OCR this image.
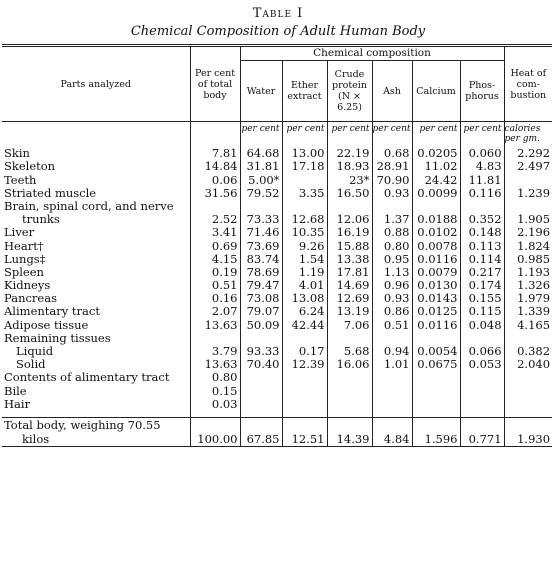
Table I
Chemical Composition of Adult Human Body
Parts analyzed	Per cent of total body	Chemical composition						Heat of com-bustion
		Water	Ether extract	Crude protein (N × 6.25)	Ash	Calcium	Phos-phorus	
		per cent	per cent	per cent	per cent	per cent	per cent	calories per gm.
Skin	7.81	64.68	13.00	22.19	0.68	0.0205	0.060	2.292
Skeleton	14.84	31.81	17.18	18.93	28.91	11.02	4.83	2.497
Teeth	0.06	5.00*		23*	70.90	24.42	11.81	
Striated muscle	31.56	79.52	3.35	16.50	0.93	0.0099	0.116	1.239
Brain, spinal cord, and nerve								
trunks	2.52	73.33	12.68	12.06	1.37	0.0188	0.352	1.905
Liver	3.41	71.46	10.35	16.19	0.88	0.0102	0.148	2.196
Heart†	0.69	73.69	9.26	15.88	0.80	0.0078	0.113	1.824
Lungs‡	4.15	83.74	1.54	13.38	0.95	0.0116	0.114	0.985
Spleen	0.19	78.69	1.19	17.81	1.13	0.0079	0.217	1.193
Kidneys	0.51	79.47	4.01	14.69	0.96	0.0130	0.174	1.326
Pancreas	0.16	73.08	13.08	12.69	0.93	0.0143	0.155	1.979
Alimentary tract	2.07	79.07	6.24	13.19	0.86	0.0125	0.115	1.339
Adipose tissue	13.63	50.09	42.44	7.06	0.51	0.0116	0.048	4.165
Remaining tissues								
Liquid	3.79	93.33	0.17	5.68	0.94	0.0054	0.066	0.382
Solid	13.63	70.40	12.39	16.06	1.01	0.0675	0.053	2.040
Contents of alimentary tract	0.80							
Bile	0.15							
Hair	0.03							

Total body, weighing 70.55								
kilos	100.00	67.85	12.51	14.39	4.84	1.596	0.771	1.930
